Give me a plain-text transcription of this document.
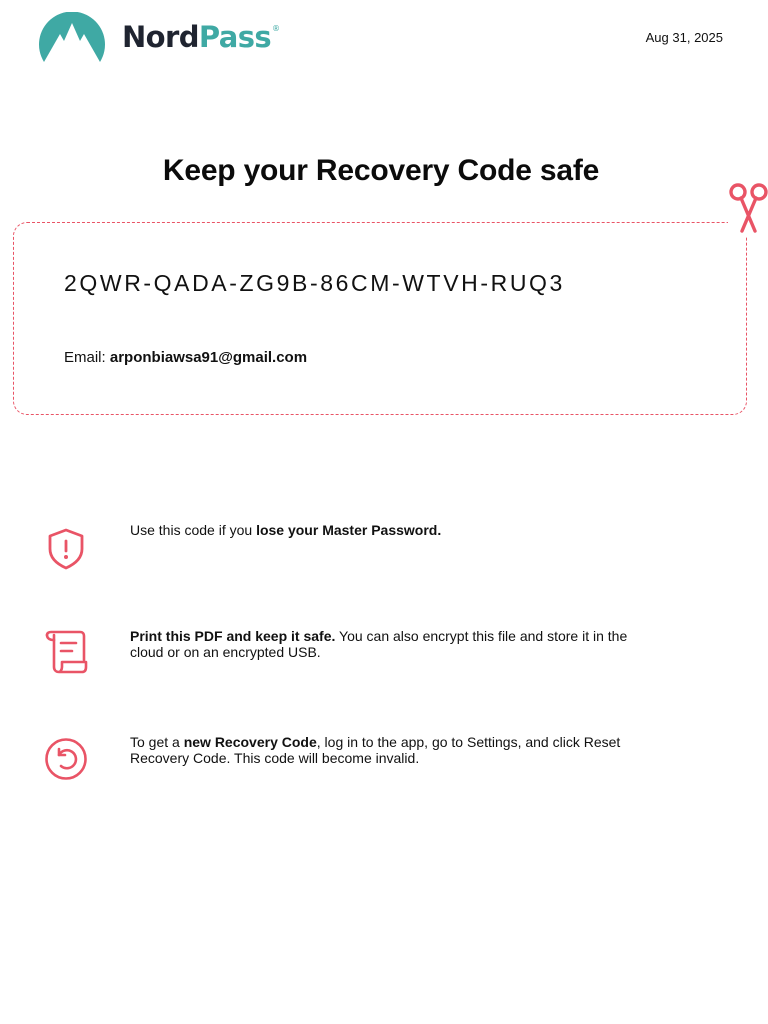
NordPass®
Aug 31, 2025
Keep your Recovery Code safe
2QWR-QADA-ZG9B-86CM-WTVH-RUQ3
Email: arponbiawsa91@gmail.com
Use this code if you lose your Master Password.
Print this PDF and keep it safe. You can also encrypt this file and store it in the cloud or on an encrypted USB.
To get a new Recovery Code, log in to the app, go to Settings, and click Reset Recovery Code. This code will become invalid.
